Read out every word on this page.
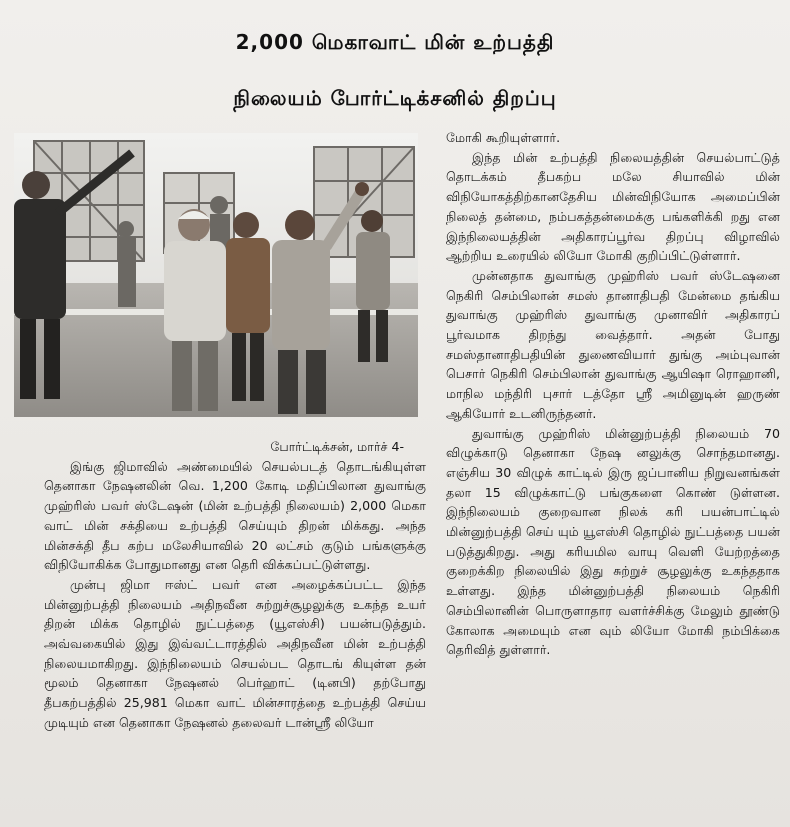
2,000 மெகாவாட் மின் உற்பத்தி
நிலையம் போர்ட்டிக்சனில் திறப்பு

போர்ட்டிக்சன், மார்ச் 4-

இங்கு ஜிமாவில் அண்மையில் செயல்படத் தொடங்கியுள்ள தெனாகா நேஷனலின் வெ. 1,200 கோடி மதிப்பிலான துவாங்கு முஹ்ரிஸ் பவர் ஸ்டேஷன் (மின் உற்பத்தி நிலையம்) 2,000 மெகா வாட் மின் சக்தியை உற்பத்தி செய்யும் திறன் மிக்கது. அந்த மின்சக்தி தீப கற்ப மலேசியாவில் 20 லட்சம் குடும் பங்களுக்கு விநியோகிக்க போதுமானது என தெரி விக்கப்பட்டுள்ளது.

முன்பு ஜிமா ஈஸ்ட் பவர் என அழைக்கப்பட்ட இந்த மின்னுற்பத்தி நிலையம் அதிநவீன சுற்றுச்சூழலுக்கு உகந்த உயர் திறன் மிக்க தொழில் நுட்பத்தை (யூஎஸ்சி) பயன்படுத்தும். அவ்வகையில் இது இவ்வட்டாரத்தில் அதிநவீன மின் உற்பத்தி நிலையமாகிறது. இந்நிலையம் செயல்பட தொடங் கியுள்ள தன் மூலம் தெனாகா நேஷனல் பெர்ஹாட் (டினபி) தற்போது தீபகற்பத்தில் 25,981 மெகா வாட் மின்சாரத்தை உற்பத்தி செய்ய முடியும் என தெனாகா நேஷனல் தலைவர் டான்ஸ்ரீ லியோ

மோகி கூறியுள்ளார்.

இந்த மின் உற்பத்தி நிலையத்தின் செயல்பாட்டுத் தொடக்கம் தீபகற்ப மலே சியாவில் மின் விநியோகத்திற்கானதேசிய மின்விநியோக அமைப்பின் நிலைத் தன்மை, நம்பகத்தன்மைக்கு பங்களிக்கி றது என இந்நிலையத்தின் அதிகாரப்பூர்வ திறப்பு விழாவில் ஆற்றிய உரையில் லியோ மோகி குறிப்பிட்டுள்ளார்.

முன்னதாக துவாங்கு முஹ்ரிஸ் பவர் ஸ்டேஷனை நெகிரி செம்பிலான் சமஸ் தானாதிபதி மேன்மை தங்கிய துவாங்கு முஹ்ரிஸ் துவாங்கு முனாவிர் அதிகாரப் பூர்வமாக திறந்து வைத்தார். அதன் போது சமஸ்தானாதிபதியின் துணைவியார் துங்கு அம்புவான் பெசார் நெகிரி செம்பிலான் துவாங்கு ஆயிஷா ரொஹானி, மாநில மந்திரி புசார் டத்தோ ஸ்ரீ அமினுடின் ஹருண் ஆகியோர் உடனிருந்தனர்.

துவாங்கு முஹ்ரிஸ் மின்னுற்பத்தி நிலையம் 70 விழுக்காடு தெனாகா நேஷ னலுக்கு சொந்தமானது. எஞ்சிய 30 விழுக் காட்டில் இரு ஜப்பானிய நிறுவனங்கள் தலா 15 விழுக்காட்டு பங்குகளை கொண் டுள்ளன. இந்நிலையம் குறைவான நிலக் கரி பயன்பாட்டில் மின்னுற்பத்தி செய் யும் யூஎஸ்சி தொழில் நுட்பத்தை பயன் படுத்துகிறது. அது கரியமில வாயு வெளி யேற்றத்தை குறைக்கிற நிலையில் இது சுற்றுச் சூழலுக்கு உகந்ததாக உள்ளது. இந்த மின்னுற்பத்தி நிலையம் நெகிரி செம்பிலானின் பொருளாதார வளர்ச்சிக்கு மேலும் தூண்டு கோலாக அமையும் என வும் லியோ மோகி நம்பிக்கை தெரிவித் துள்ளார்.
